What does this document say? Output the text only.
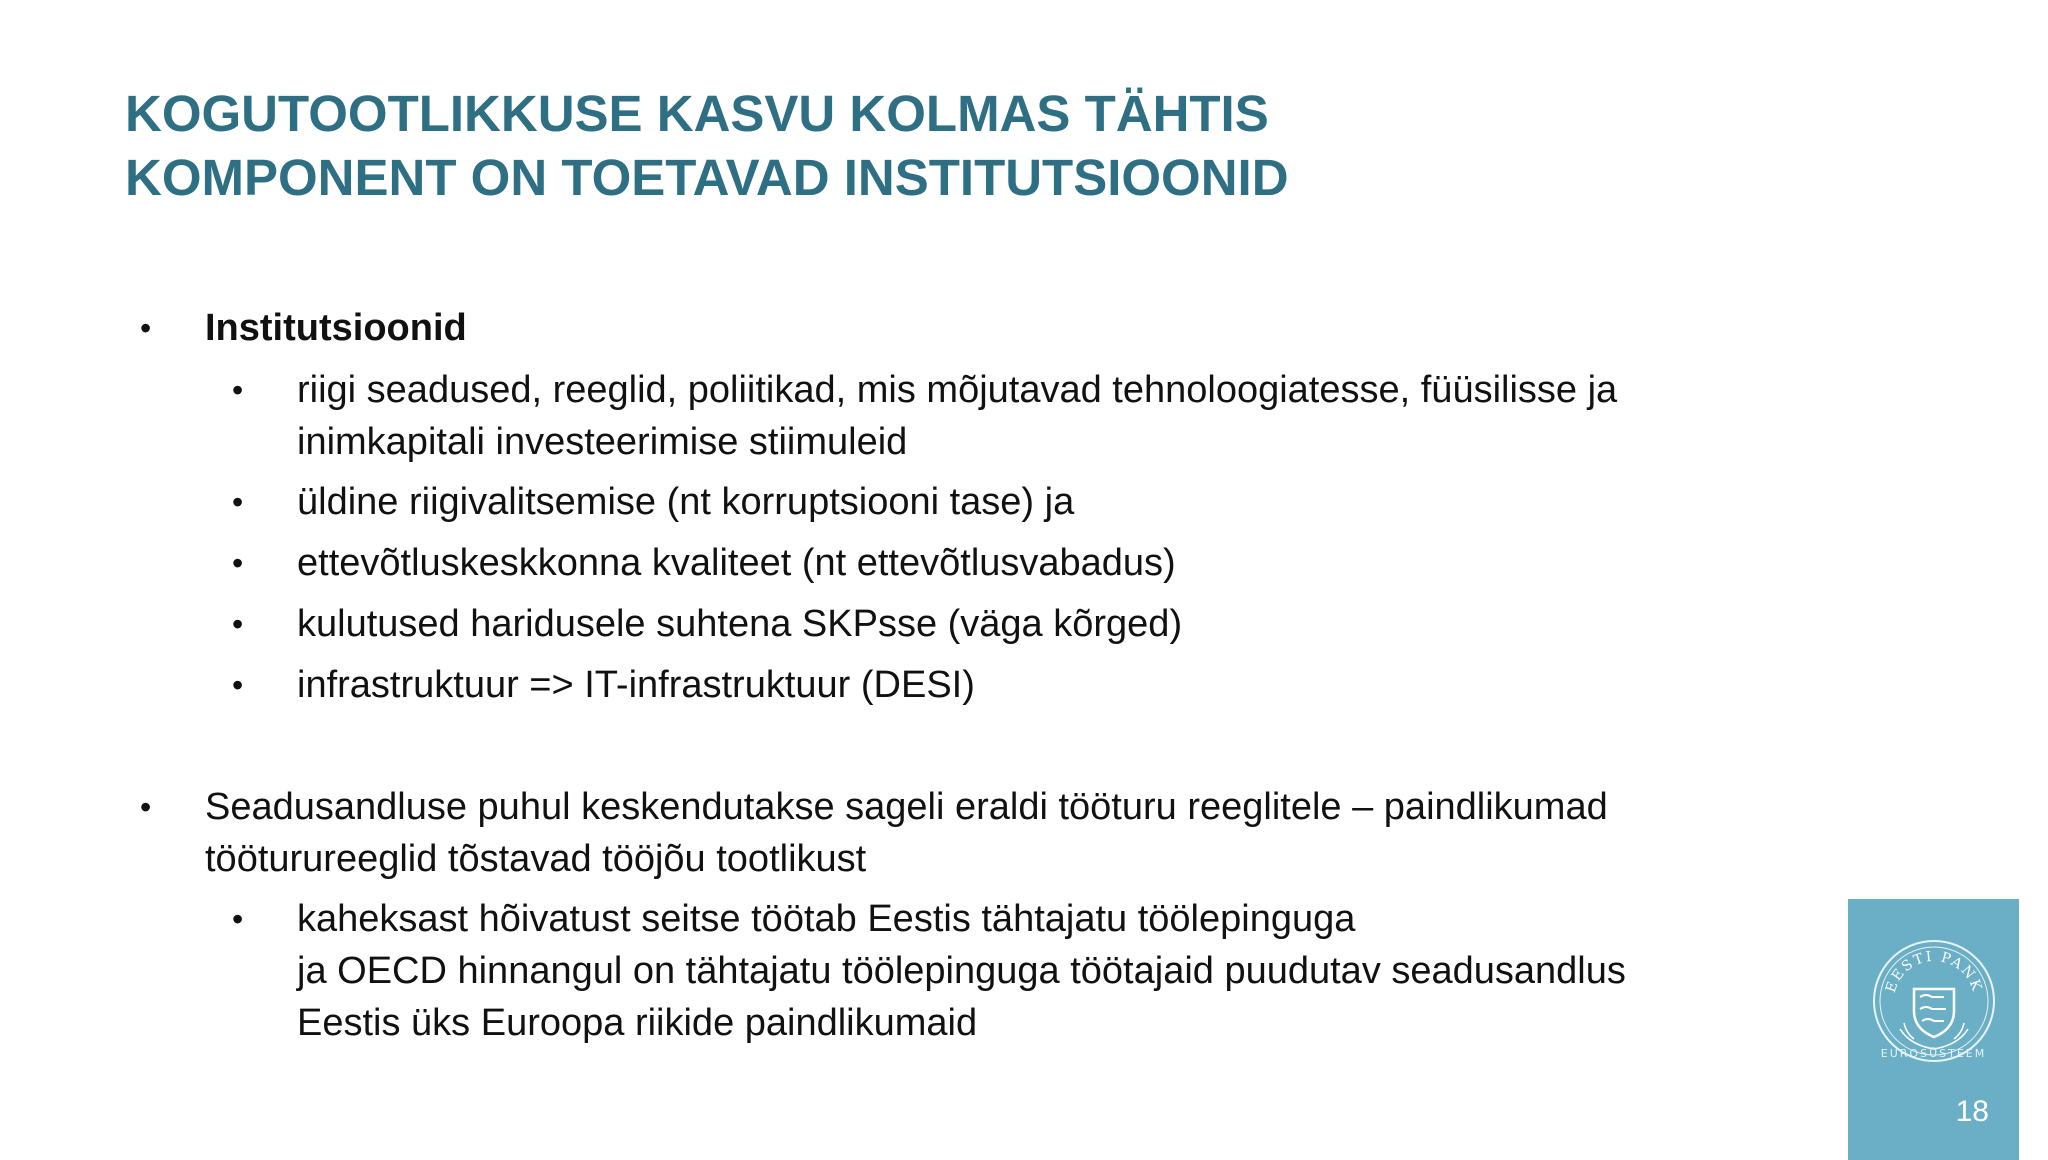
KOGUTOOTLIKKUSE KASVU KOLMAS TÄHTIS
KOMPONENT ON TOETAVAD INSTITUTSIOONID
• Institutsioonid
• riigi seadused, reeglid, poliitikad, mis mõjutavad tehnoloogiatesse, füüsilisse ja
inimkapitali investeerimise stiimuleid
• üldine riigivalitsemise (nt korruptsiooni tase) ja
• ettevõtluskeskkonna kvaliteet (nt ettevõtlusvabadus)
• kulutused haridusele suhtena SKPsse (väga kõrged)
• infrastruktuur => IT-infrastruktuur (DESI)
• Seadusandluse puhul keskendutakse sageli eraldi tööturu reeglitele – paindlikumad
tööturureeglid tõstavad tööjõu tootlikust
• kaheksast hõivatust seitse töötab Eestis tähtajatu töölepinguga
ja OECD hinnangul on tähtajatu töölepinguga töötajaid puudutav seadusandlus
Eestis üks Euroopa riikide paindlikumaid
EESTI PANK
EUROSÜSTEEM
18
